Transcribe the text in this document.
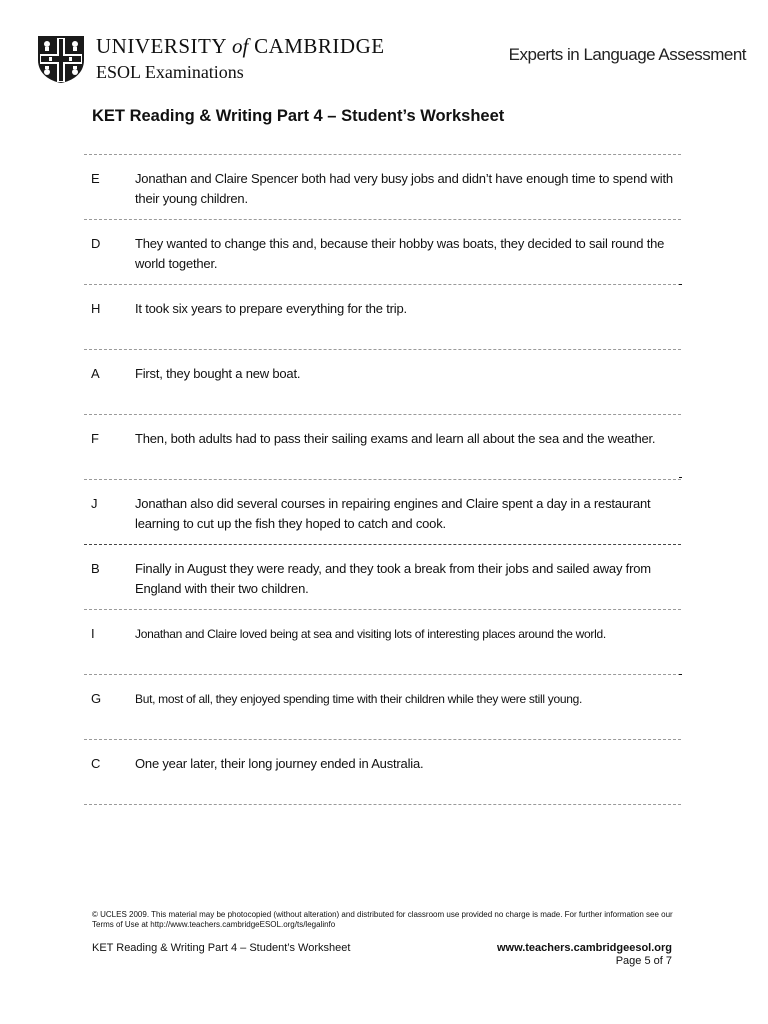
UNIVERSITY of CAMBRIDGE
ESOL Examinations
Experts in Language Assessment
KET Reading & Writing Part 4 – Student’s Worksheet
E	Jonathan and Claire Spencer both had very busy jobs and didn’t have enough time to spend with their young children.
D	They wanted to change this and, because their hobby was boats, they decided to sail round the world together.
H	It took six years to prepare everything for the trip.
A	First, they bought a new boat.
F	Then, both adults had to pass their sailing exams and learn all about the sea and the weather.
J	Jonathan also did several courses in repairing engines and Claire spent a day in a restaurant learning to cut up the fish they hoped to catch and cook.
B	Finally in August they were ready, and they took a break from their jobs and sailed away from England with their two children.
I	Jonathan and Claire loved being at sea and visiting lots of interesting places around the world.
G	But, most of all, they enjoyed spending time with their children while they were still young.
C	One year later, their long journey ended in Australia.
© UCLES 2009. This material may be photocopied (without alteration) and distributed for classroom use provided no charge is made. For further information see our Terms of Use at http://www.teachers.cambridgeESOL.org/ts/legalinfo
KET Reading & Writing Part 4 – Student’s Worksheet	www.teachers.cambridgeesol.org
Page 5 of 7
